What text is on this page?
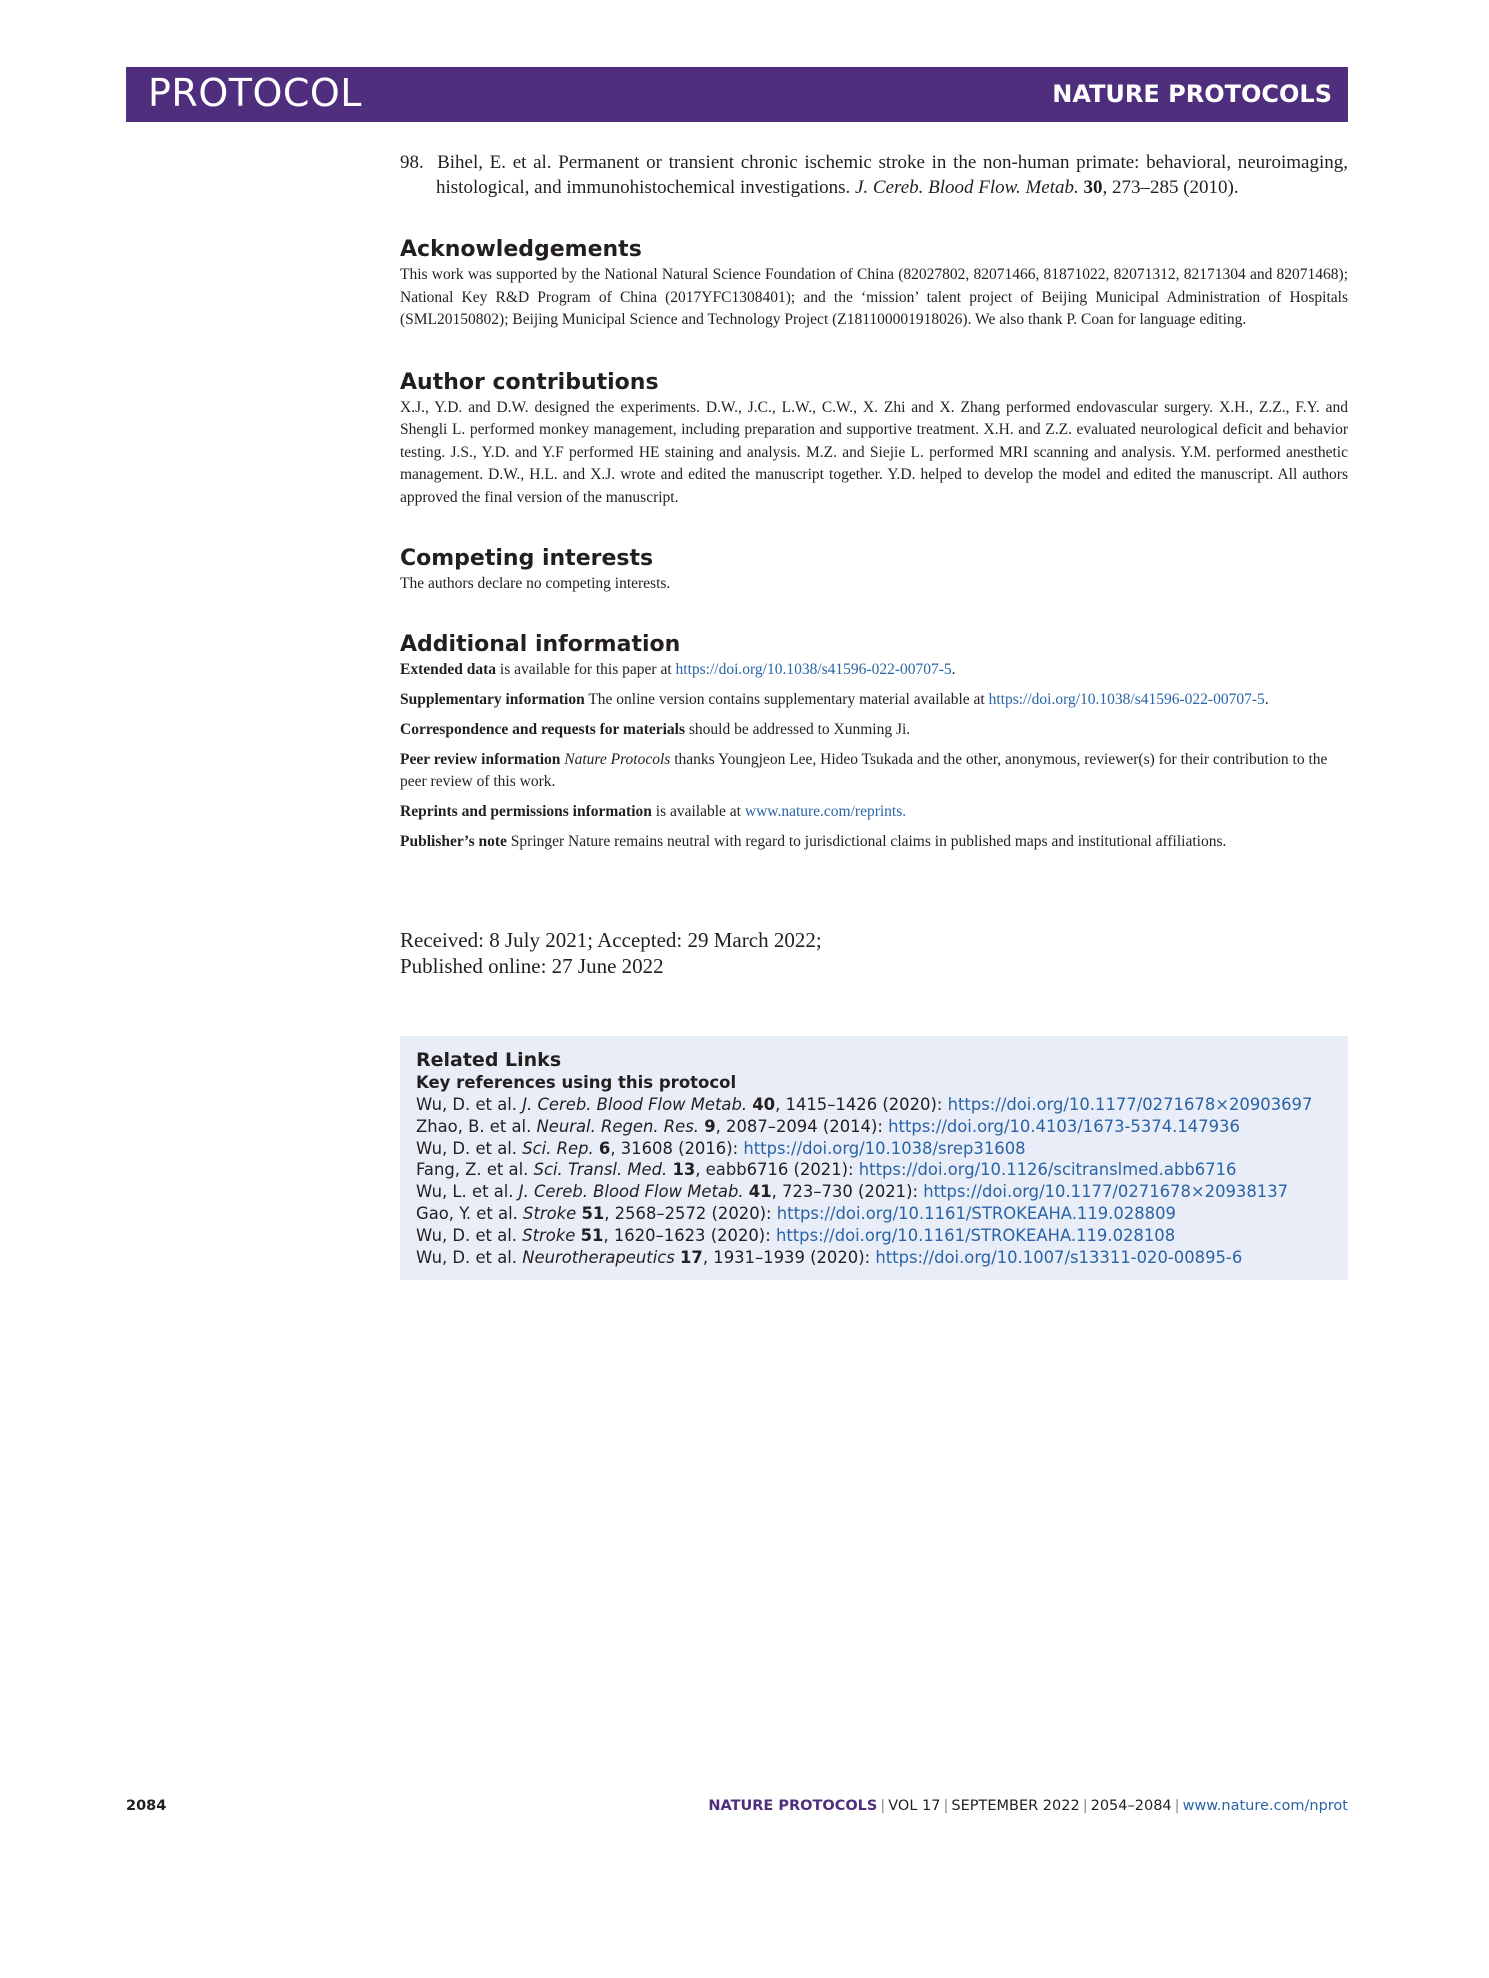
PROTOCOL	NATURE PROTOCOLS

98. Bihel, E. et al. Permanent or transient chronic ischemic stroke in the non-human primate: behavioral, neuroimaging, histological, and immunohistochemical investigations. J. Cereb. Blood Flow. Metab. 30, 273–285 (2010).

Acknowledgements

This work was supported by the National Natural Science Foundation of China (82027802, 82071466, 81871022, 82071312, 82171304 and 82071468); National Key R&D Program of China (2017YFC1308401); and the ‘mission’ talent project of Beijing Municipal Administration of Hospitals (SML20150802); Beijing Municipal Science and Technology Project (Z181100001918026). We also thank P. Coan for language editing.

Author contributions

X.J., Y.D. and D.W. designed the experiments. D.W., J.C., L.W., C.W., X. Zhi and X. Zhang performed endovascular surgery. X.H., Z.Z., F.Y. and Shengli L. performed monkey management, including preparation and supportive treatment. X.H. and Z.Z. evaluated neurological deficit and behavior testing. J.S., Y.D. and Y.F performed HE staining and analysis. M.Z. and Siejie L. performed MRI scanning and analysis. Y.M. performed anesthetic management. D.W., H.L. and X.J. wrote and edited the manuscript together. Y.D. helped to develop the model and edited the manuscript. All authors approved the final version of the manuscript.

Competing interests

The authors declare no competing interests.

Additional information

Extended data is available for this paper at https://doi.org/10.1038/s41596-022-00707-5.

Supplementary information The online version contains supplementary material available at https://doi.org/10.1038/s41596-022-00707-5.

Correspondence and requests for materials should be addressed to Xunming Ji.

Peer review information Nature Protocols thanks Youngjeon Lee, Hideo Tsukada and the other, anonymous, reviewer(s) for their contribution to the peer review of this work.

Reprints and permissions information is available at www.nature.com/reprints.

Publisher’s note Springer Nature remains neutral with regard to jurisdictional claims in published maps and institutional affiliations.

Received: 8 July 2021; Accepted: 29 March 2022;
Published online: 27 June 2022
Related Links
Key references using this protocol
Wu, D. et al. J. Cereb. Blood Flow Metab. 40, 1415–1426 (2020): https://doi.org/10.1177/0271678×20903697
Zhao, B. et al. Neural. Regen. Res. 9, 2087–2094 (2014): https://doi.org/10.4103/1673-5374.147936
Wu, D. et al. Sci. Rep. 6, 31608 (2016): https://doi.org/10.1038/srep31608
Fang, Z. et al. Sci. Transl. Med. 13, eabb6716 (2021): https://doi.org/10.1126/scitranslmed.abb6716
Wu, L. et al. J. Cereb. Blood Flow Metab. 41, 723–730 (2021): https://doi.org/10.1177/0271678×20938137
Gao, Y. et al. Stroke 51, 2568–2572 (2020): https://doi.org/10.1161/STROKEAHA.119.028809
Wu, D. et al. Stroke 51, 1620–1623 (2020): https://doi.org/10.1161/STROKEAHA.119.028108
Wu, D. et al. Neurotherapeutics 17, 1931–1939 (2020): https://doi.org/10.1007/s13311-020-00895-6
2084	NATURE PROTOCOLS | VOL 17 | SEPTEMBER 2022 | 2054–2084 | www.nature.com/nprot
